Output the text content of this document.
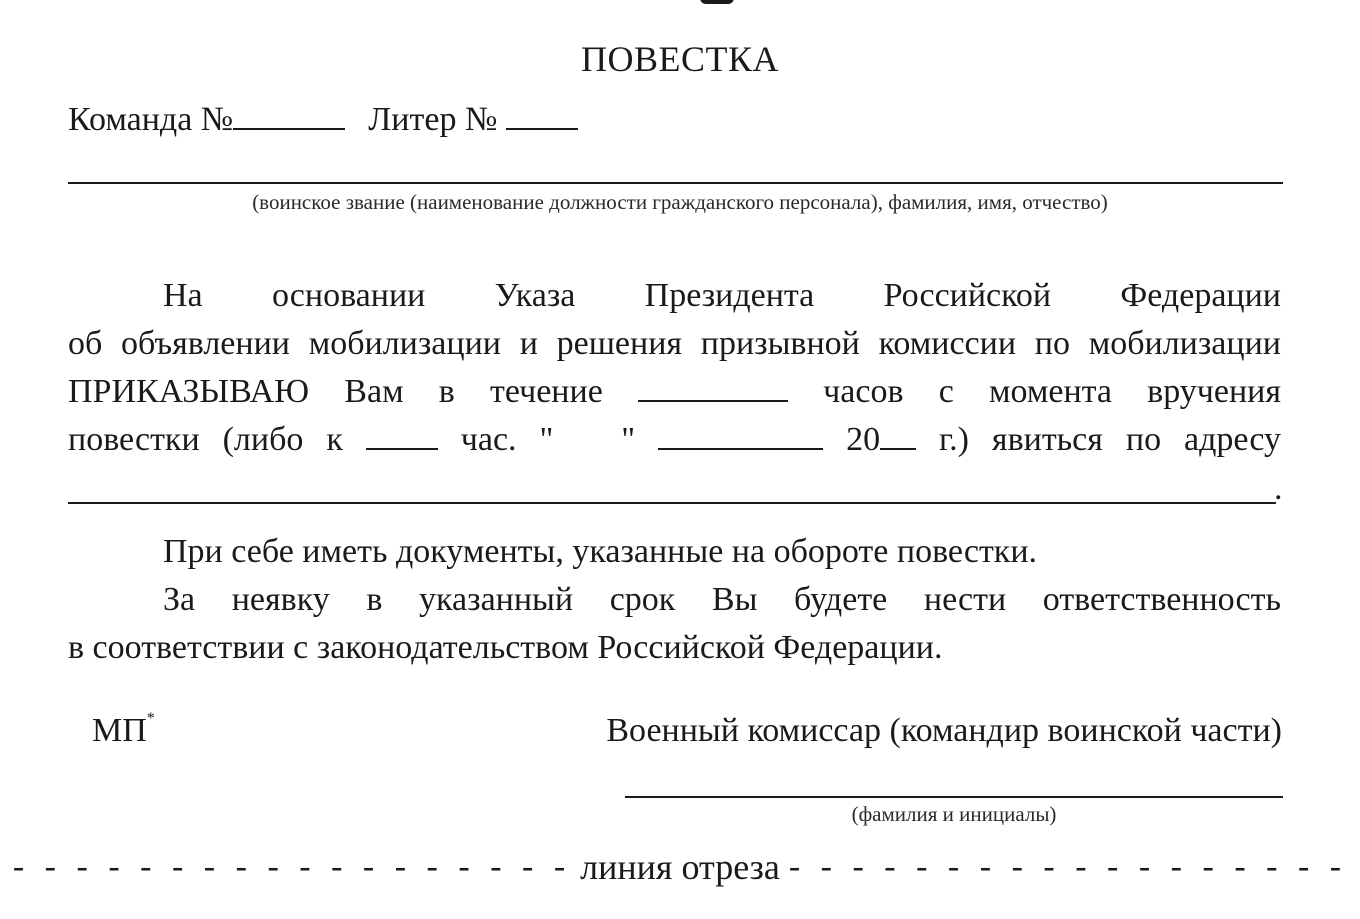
ПОВЕСТКА
Команда №	Литер №
(воинское звание (наименование должности гражданского персонала), фамилия, имя, отчество)
На основании Указа Президента Российской Федерации
об объявлении мобилизации и решения призывной комиссии по мобилизации
ПРИКАЗЫВАЮ Вам в течение	часов с момента вручения
повестки (либо к	час. " "	20 г.) явиться по адресу
.
При себе иметь документы, указанные на обороте повестки.
За неявку в указанный срок Вы будете нести ответственность
в соответствии с законодательством Российской Федерации.
МП*	Военный комиссар (командир воинской части)
(фамилия и инициалы)
- - - - - - - - - - - - - - - - - - линия отреза - - - - - - - - - - - - - - - - - -
